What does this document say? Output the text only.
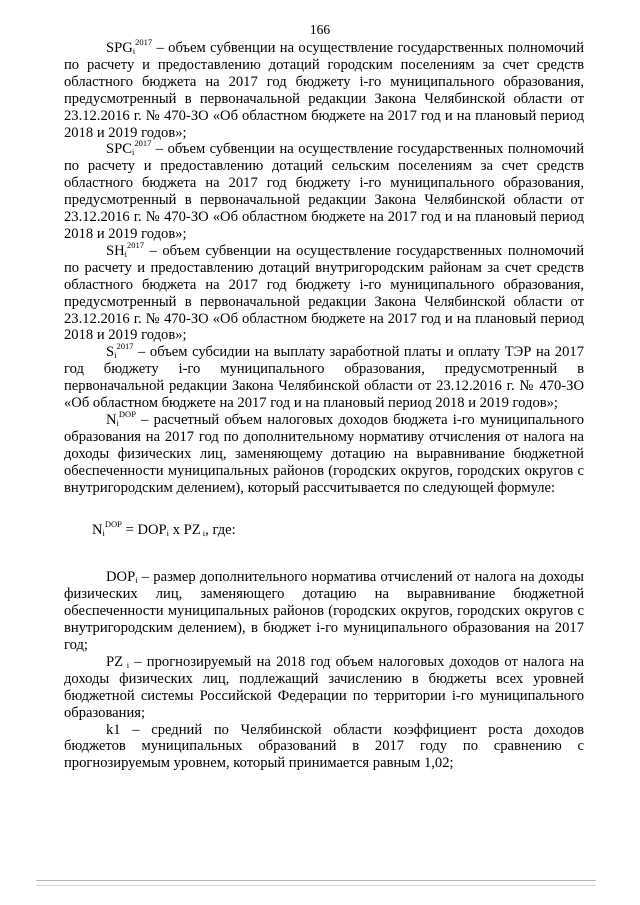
166

$SPG_i^{2017}$ – объем субвенции на осуществление государственных полномочий по расчету и предоставлению дотаций городским поселениям за счет средств областного бюджета на 2017 год бюджету i-го муниципального образования, предусмотренный в первоначальной редакции Закона Челябинской области от 23.12.2016 г. № 470-ЗО «Об областном бюджете на 2017 год и на плановый период 2018 и 2019 годов»;

$SPC_i^{2017}$ – объем субвенции на осуществление государственных полномочий по расчету и предоставлению дотаций сельским поселениям за счет средств областного бюджета на 2017 год бюджету i-го муниципального образования, предусмотренный в первоначальной редакции Закона Челябинской области от 23.12.2016 г. № 470-ЗО «Об областном бюджете на 2017 год и на плановый период 2018 и 2019 годов»;

$SH_i^{2017}$ – объем субвенции на осуществление государственных полномочий по расчету и предоставлению дотаций внутригородским районам за счет средств областного бюджета на 2017 год бюджету i-го муниципального образования, предусмотренный в первоначальной редакции Закона Челябинской области от 23.12.2016 г. № 470-ЗО «Об областном бюджете на 2017 год и на плановый период 2018 и 2019 годов»;

$S_i^{2017}$ – объем субсидии на выплату заработной платы и оплату ТЭР на 2017 год бюджету i-го муниципального образования, предусмотренный в первоначальной редакции Закона Челябинской области от 23.12.2016 г. № 470-ЗО «Об областном бюджете на 2017 год и на плановый период 2018 и 2019 годов»;

$N_i^{DOP}$ – расчетный объем налоговых доходов бюджета i-го муниципального образования на 2017 год по дополнительному нормативу отчисления от налога на доходы физических лиц, заменяющему дотацию на выравнивание бюджетной обеспеченности муниципальных районов (городских округов, городских округов с внутригородским делением), который рассчитывается по следующей формуле:

$N_i^{DOP} = DOP_i$ x PZ $_i$, где:

$DOP_i$ – размер дополнительного норматива отчислений от налога на доходы физических лиц, заменяющего дотацию на выравнивание бюджетной обеспеченности муниципальных районов (городских округов, городских округов с внутригородским делением), в бюджет i-го муниципального образования на 2017 год;

PZ $_i$ – прогнозируемый на 2018 год объем налоговых доходов от налога на доходы физических лиц, подлежащий зачислению в бюджеты всех уровней бюджетной системы Российской Федерации по территории i-го муниципального образования;

k1 – средний по Челябинской области коэффициент роста доходов бюджетов муниципальных образований в 2017 году по сравнению с прогнозируемым уровнем, который принимается равным 1,02;
